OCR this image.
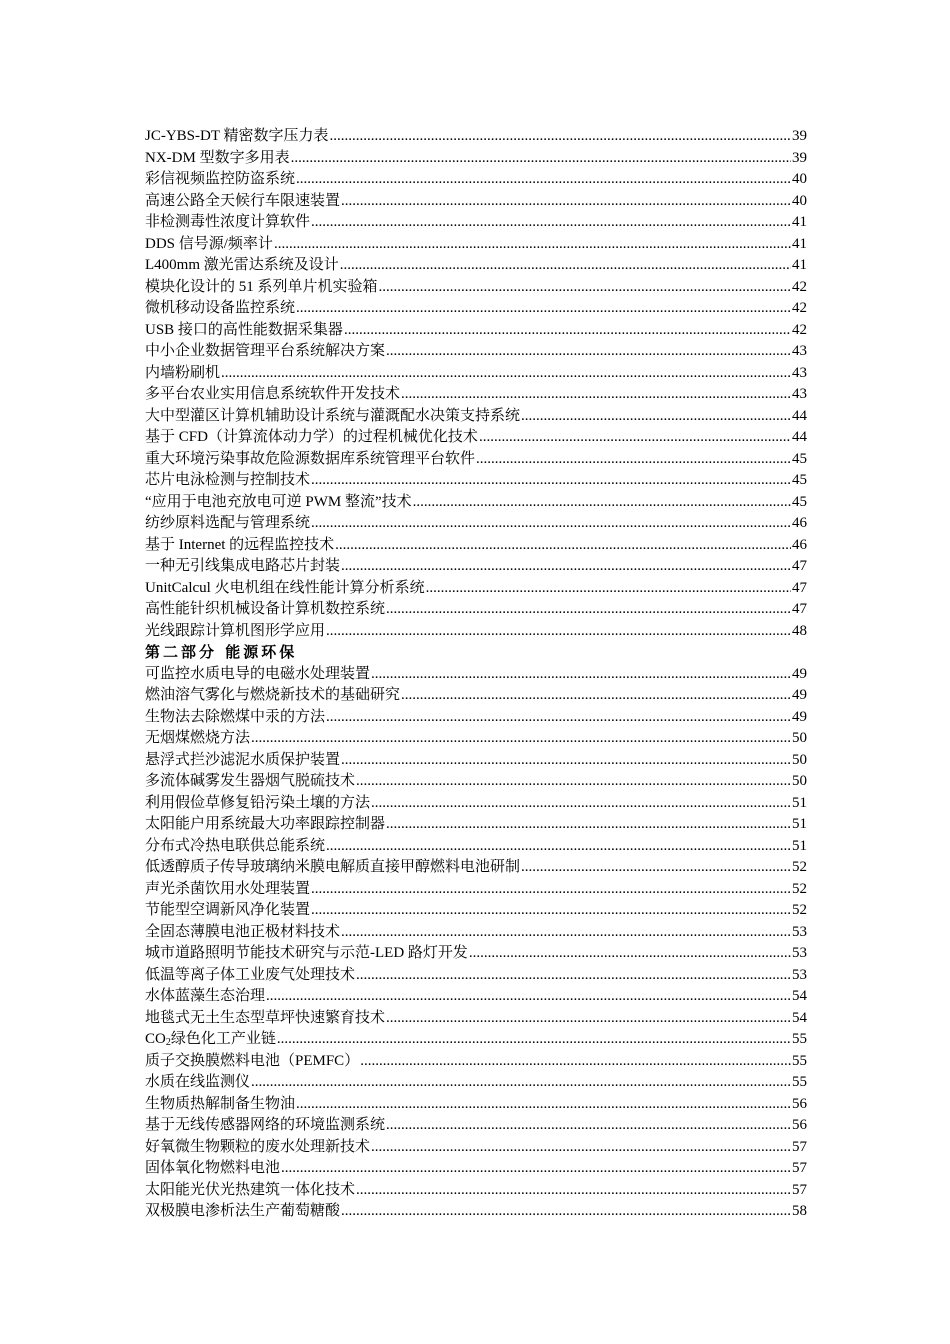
JC-YBS-DT 精密数字压力表 .....	39
NX-DM 型数字多用表 .....	39
彩信视频监控防盗系统 .....	40
高速公路全天候行车限速装置 .....	40
非检测毒性浓度计算软件 .....	41
DDS 信号源/频率计 .....	41
L400mm 激光雷达系统及设计 .....	41
模块化设计的 51 系列单片机实验箱 .....	42
微机移动设备监控系统 .....	42
USB 接口的高性能数据采集器 .....	42
中小企业数据管理平台系统解决方案 .....	43
内墙粉刷机 .....	43
多平台农业实用信息系统软件开发技术 .....	43
大中型灌区计算机辅助设计系统与灌溉配水决策支持系统 .....	44
基于 CFD（计算流体动力学）的过程机械优化技术 .....	44
重大环境污染事故危险源数据库系统管理平台软件 .....	45
芯片电泳检测与控制技术 .....	45
“应用于电池充放电可逆 PWM 整流”技术 .....	45
纺纱原料选配与管理系统 .....	46
基于 Internet 的远程监控技术 .....	46
一种无引线集成电路芯片封装 .....	47
UnitCalcul 火电机组在线性能计算分析系统 .....	47
高性能针织机械设备计算机数控系统 .....	47
光线跟踪计算机图形学应用 .....	48
第二部分 能源环保
可监控水质电导的电磁水处理装置 .....	49
燃油溶气雾化与燃烧新技术的基础研究 .....	49
生物法去除燃煤中汞的方法 .....	49
无烟煤燃烧方法 .....	50
悬浮式拦沙滤泥水质保护装置 .....	50
多流体碱雾发生器烟气脱硫技术 .....	50
利用假俭草修复铅污染土壤的方法 .....	51
太阳能户用系统最大功率跟踪控制器 .....	51
分布式冷热电联供总能系统 .....	51
低透醇质子传导玻璃纳米膜电解质直接甲醇燃料电池研制 .....	52
声光杀菌饮用水处理装置 .....	52
节能型空调新风净化装置 .....	52
全固态薄膜电池正极材料技术 .....	53
城市道路照明节能技术研究与示范-LED 路灯开发 .....	53
低温等离子体工业废气处理技术 .....	53
水体蓝藻生态治理 .....	54
地毯式无土生态型草坪快速繁育技术 .....	54
$CO_2$绿色化工产业链 .....	55
质子交换膜燃料电池（PEMFC） .....	55
水质在线监测仪 .....	55
生物质热解制备生物油 .....	56
基于无线传感器网络的环境监测系统 .....	56
好氧微生物颗粒的废水处理新技术 .....	57
固体氧化物燃料电池 .....	57
太阳能光伏光热建筑一体化技术 .....	57
双极膜电渗析法生产葡萄糖酸 .....	58
